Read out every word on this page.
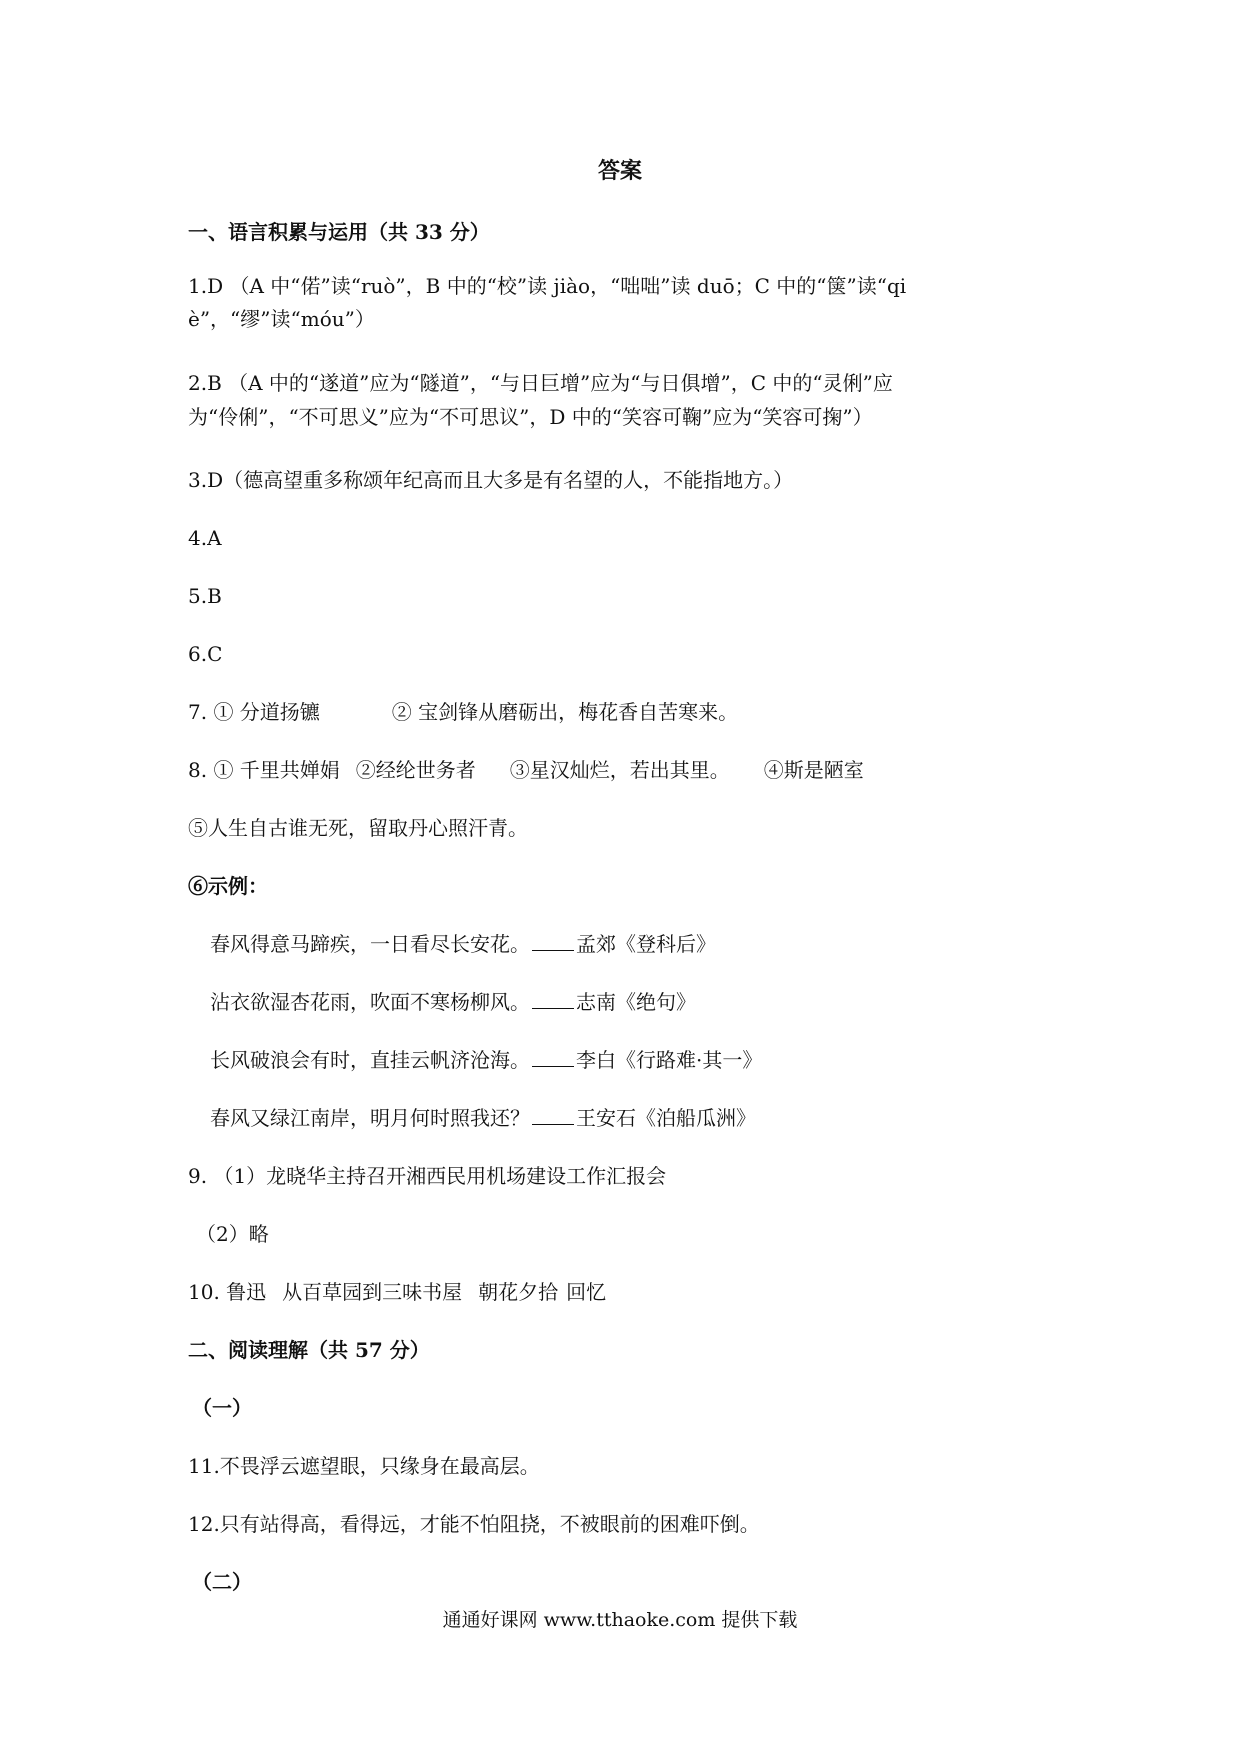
答案
一、语言积累与运用（共 33 分）
1.D （A 中“偌”读“ruò”，B 中的“校”读 jiào，“咄咄”读 duō；C 中的“箧”读“qi
è”，“缪”读“móu”）
2.B （A 中的“遂道”应为“隧道”，“与日巨增”应为“与日俱增”，C 中的“灵俐”应
为“伶俐”，“不可思义”应为“不可思议”，D 中的“笑容可鞠”应为“笑容可掬”）
3.D（德高望重多称颂年纪高而且大多是有名望的人，不能指地方。）
4.A
5.B
6.C
7. ① 分道扬镳	② 宝剑锋从磨砺出，梅花香自苦寒来。
8. ① 千里共婵娟 ②经纶世务者 ③星汉灿烂，若出其里。 ④斯是陋室
⑤人生自古谁无死，留取丹心照汗青。
⑥示例：
春风得意马蹄疾，一日看尽长安花。 孟郊《登科后》
沾衣欲湿杏花雨，吹面不寒杨柳风。 志南《绝句》
长风破浪会有时，直挂云帆济沧海。 李白《行路难·其一》
春风又绿江南岸，明月何时照我还？ 王安石《泊船瓜洲》
9. （1）龙晓华主持召开湘西民用机场建设工作汇报会
（2）略
10. 鲁迅 从百草园到三味书屋 朝花夕拾 回忆
二、阅读理解（共 57 分）
（一）
11.不畏浮云遮望眼，只缘身在最高层。
12.只有站得高，看得远，才能不怕阻挠，不被眼前的困难吓倒。
（二）
通通好课网 www.tthaoke.com 提供下载
